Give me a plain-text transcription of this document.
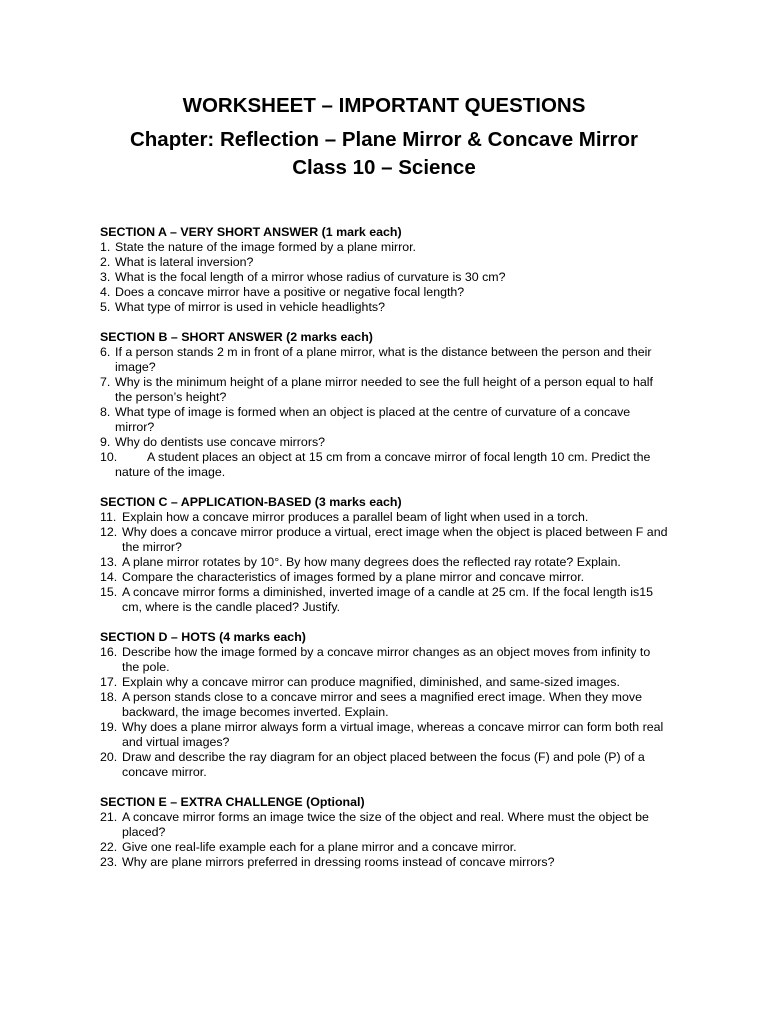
WORKSHEET – IMPORTANT QUESTIONS
Chapter: Reflection – Plane Mirror & Concave Mirror Class 10 – Science

SECTION A – VERY SHORT ANSWER (1 mark each)

1. State the nature of the image formed by a plane mirror.
2. What is lateral inversion?
3. What is the focal length of a mirror whose radius of curvature is 30 cm?
4. Does a concave mirror have a positive or negative focal length?
5. What type of mirror is used in vehicle headlights?

SECTION B – SHORT ANSWER (2 marks each)

6. If a person stands 2 m in front of a plane mirror, what is the distance between the person and their image?
7. Why is the minimum height of a plane mirror needed to see the full height of a person equal to half the person’s height?
8. What type of image is formed when an object is placed at the centre of curvature of a concave mirror?
9. Why do dentists use concave mirrors?
10. A student places an object at 15 cm from a concave mirror of focal length 10 cm. Predict the nature of the image.

SECTION C – APPLICATION-BASED (3 marks each)

11. Explain how a concave mirror produces a parallel beam of light when used in a torch.
12. Why does a concave mirror produce a virtual, erect image when the object is placed between F and the mirror?
13. A plane mirror rotates by 10°. By how many degrees does the reflected ray rotate? Explain.
14. Compare the characteristics of images formed by a plane mirror and concave mirror.
15. A concave mirror forms a diminished, inverted image of a candle at 25 cm. If the focal length is15 cm, where is the candle placed? Justify.

SECTION D – HOTS (4 marks each)

16. Describe how the image formed by a concave mirror changes as an object moves from infinity to the pole.
17. Explain why a concave mirror can produce magnified, diminished, and same-sized images.
18. A person stands close to a concave mirror and sees a magnified erect image. When they move backward, the image becomes inverted. Explain.
19. Why does a plane mirror always form a virtual image, whereas a concave mirror can form both real and virtual images?
20. Draw and describe the ray diagram for an object placed between the focus (F) and pole (P) of a concave mirror.

SECTION E – EXTRA CHALLENGE (Optional)

21. A concave mirror forms an image twice the size of the object and real. Where must the object be placed?
22. Give one real-life example each for a plane mirror and a concave mirror.
23. Why are plane mirrors preferred in dressing rooms instead of concave mirrors?
